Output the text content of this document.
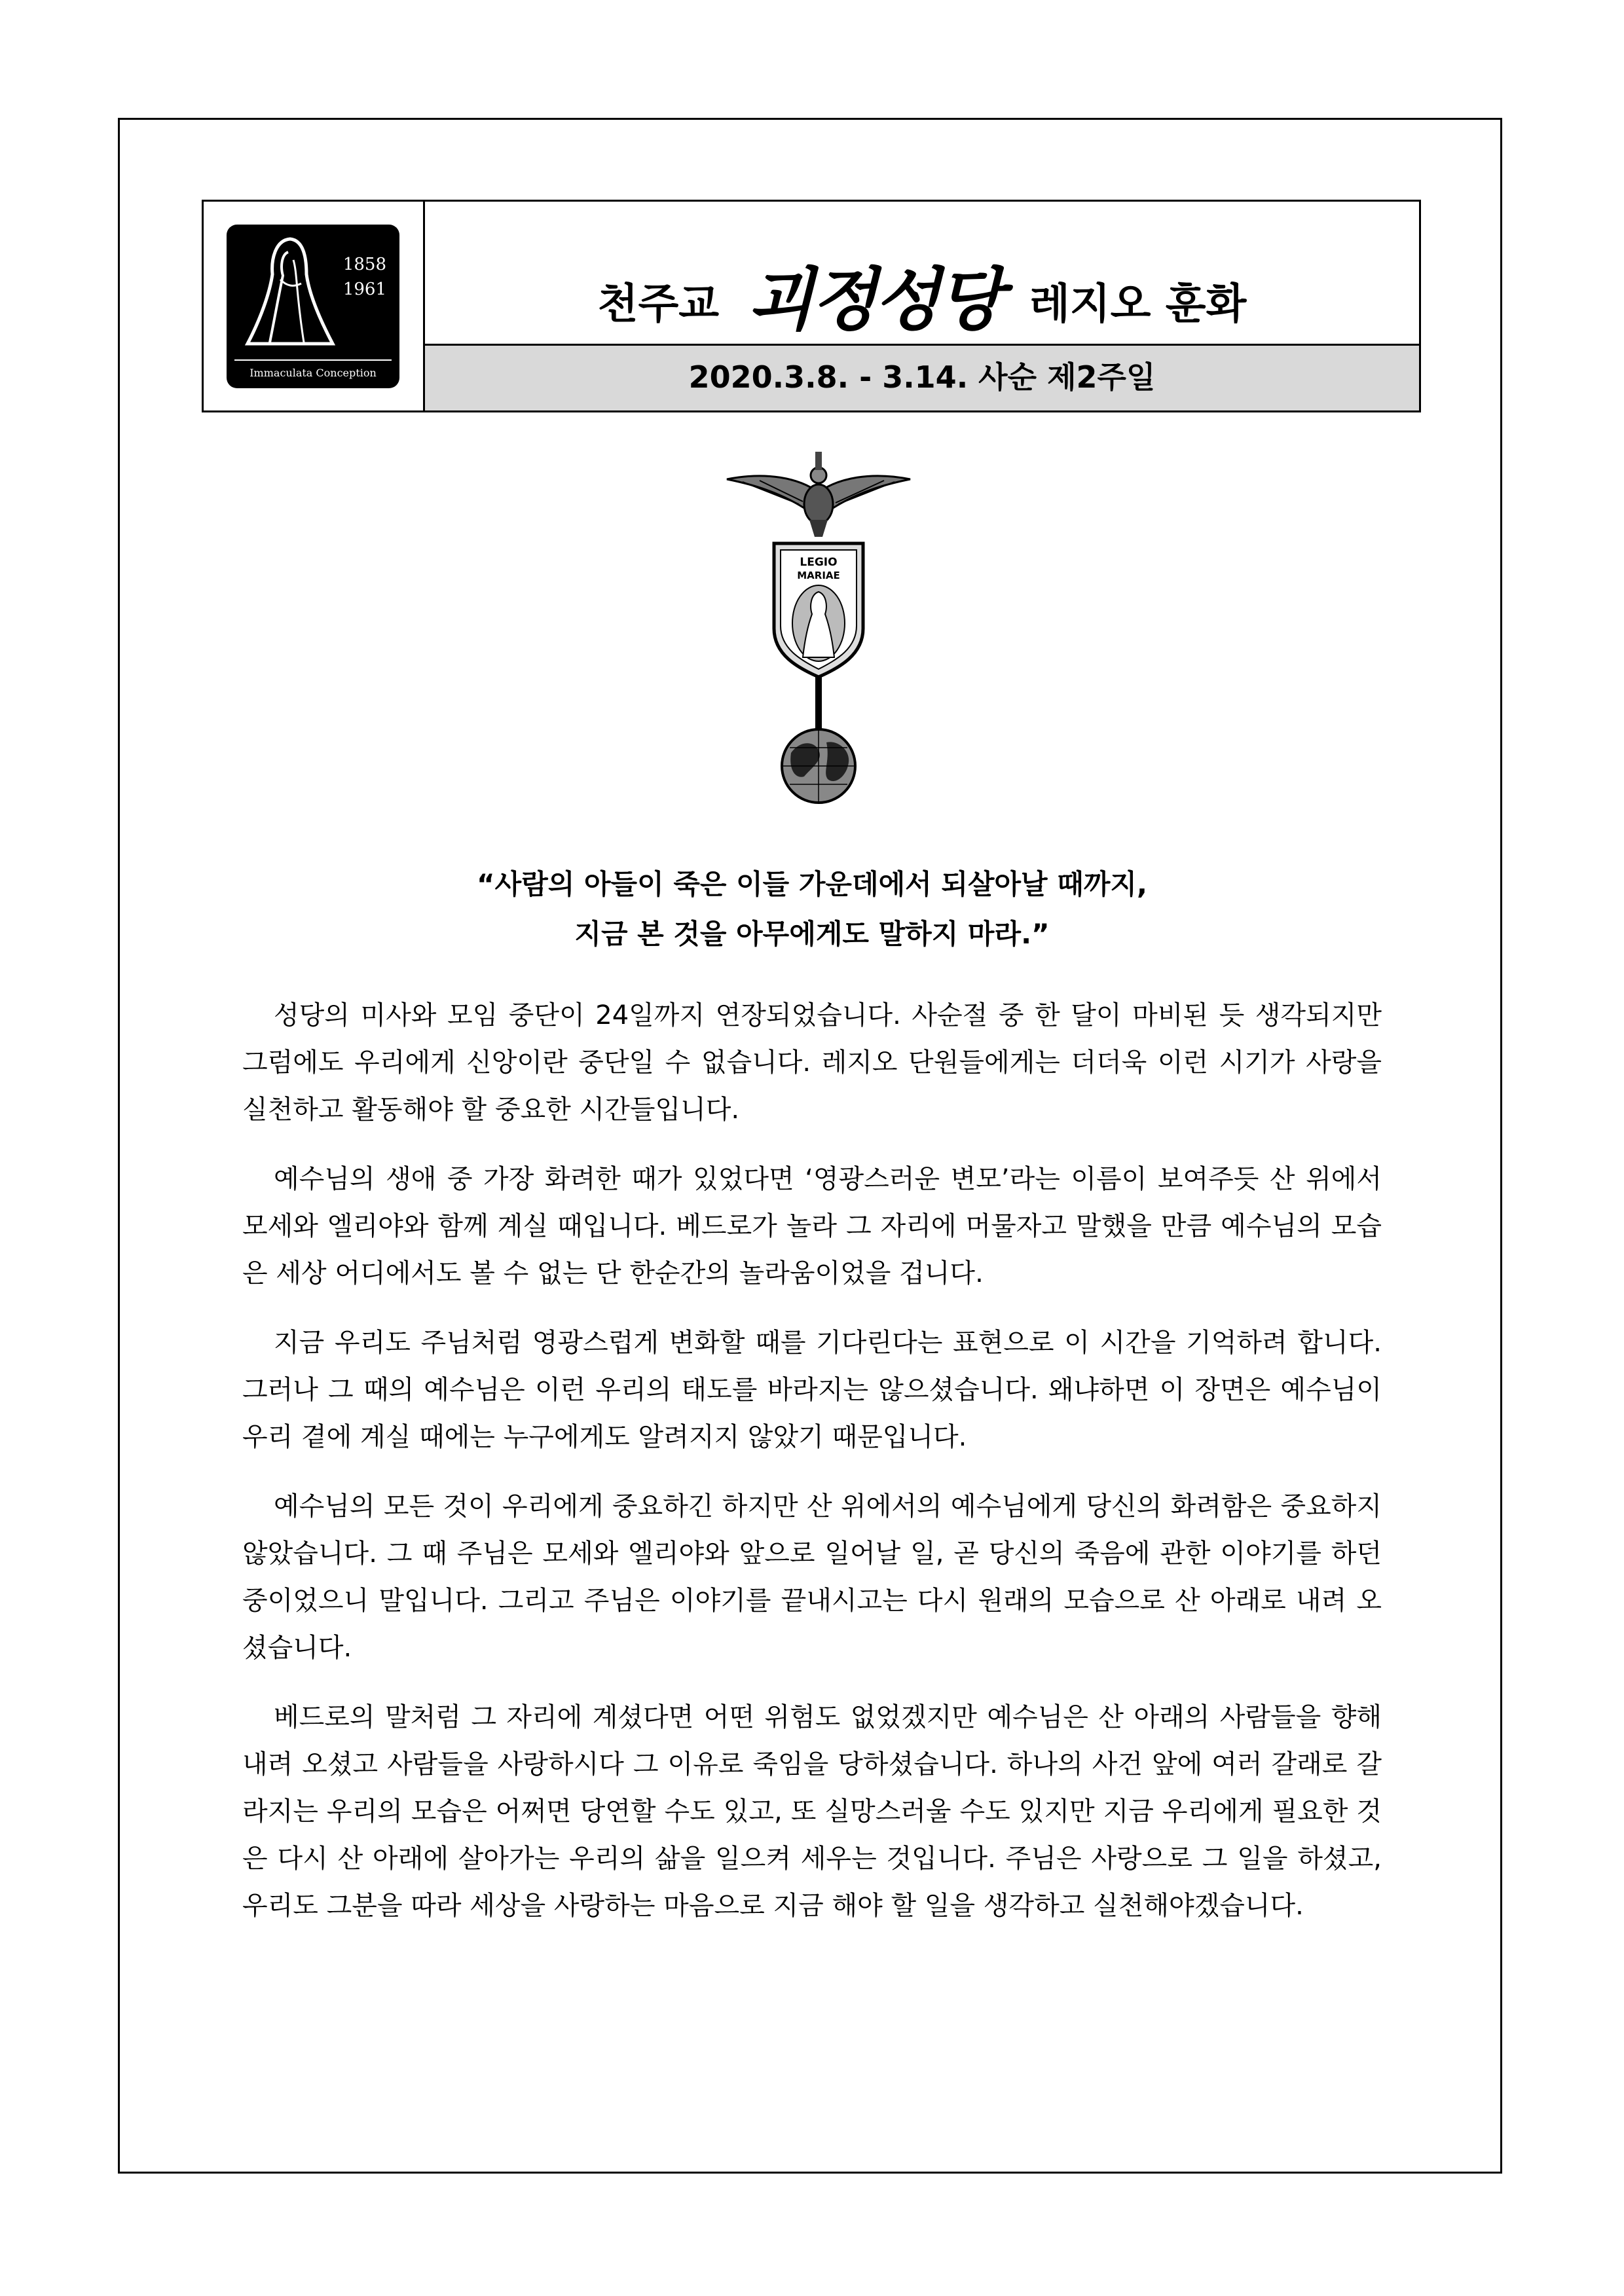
1858
1961
Immaculata Conception
천주교 괴정성당 레지오 훈화
2020.3.8. - 3.14. 사순 제2주일
LEGIO
MARIAE
“사람의 아들이 죽은 이들 가운데에서 되살아날 때까지,
지금 본 것을 아무에게도 말하지 마라.”

성당의 미사와 모임 중단이 24일까지 연장되었습니다. 사순절 중 한 달이 마비된 듯 생각되지만 그럼에도 우리에게 신앙이란 중단일 수 없습니다. 레지오 단원들에게는 더더욱 이런 시기가 사랑을 실천하고 활동해야 할 중요한 시간들입니다.

예수님의 생애 중 가장 화려한 때가 있었다면 ‘영광스러운 변모’라는 이름이 보여주듯 산 위에서 모세와 엘리야와 함께 계실 때입니다. 베드로가 놀라 그 자리에 머물자고 말했을 만큼 예수님의 모습은 세상 어디에서도 볼 수 없는 단 한순간의 놀라움이었을 겁니다.

지금 우리도 주님처럼 영광스럽게 변화할 때를 기다린다는 표현으로 이 시간을 기억하려 합니다. 그러나 그 때의 예수님은 이런 우리의 태도를 바라지는 않으셨습니다. 왜냐하면 이 장면은 예수님이 우리 곁에 계실 때에는 누구에게도 알려지지 않았기 때문입니다.

예수님의 모든 것이 우리에게 중요하긴 하지만 산 위에서의 예수님에게 당신의 화려함은 중요하지 않았습니다. 그 때 주님은 모세와 엘리야와 앞으로 일어날 일, 곧 당신의 죽음에 관한 이야기를 하던 중이었으니 말입니다. 그리고 주님은 이야기를 끝내시고는 다시 원래의 모습으로 산 아래로 내려 오셨습니다.

베드로의 말처럼 그 자리에 계셨다면 어떤 위험도 없었겠지만 예수님은 산 아래의 사람들을 향해 내려 오셨고 사람들을 사랑하시다 그 이유로 죽임을 당하셨습니다. 하나의 사건 앞에 여러 갈래로 갈라지는 우리의 모습은 어쩌면 당연할 수도 있고, 또 실망스러울 수도 있지만 지금 우리에게 필요한 것은 다시 산 아래에 살아가는 우리의 삶을 일으켜 세우는 것입니다. 주님은 사랑으로 그 일을 하셨고, 우리도 그분을 따라 세상을 사랑하는 마음으로 지금 해야 할 일을 생각하고 실천해야겠습니다.
